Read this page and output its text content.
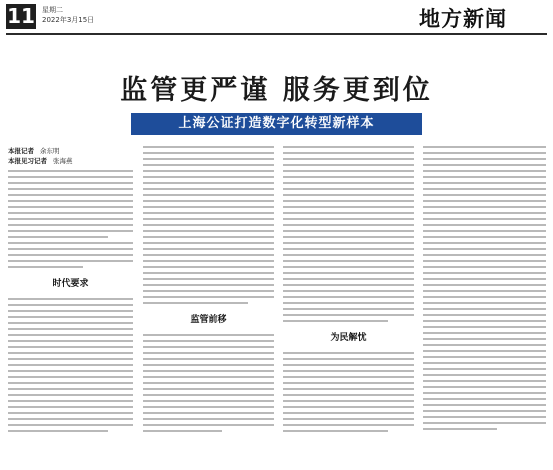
11 星期二
2022年3月15日	地方新闻
监管更严谨 服务更到位
上海公证打造数字化转型新样本
本报记者 余东明
本报见习记者 张海燕
时代要求
监管前移
为民解忧
